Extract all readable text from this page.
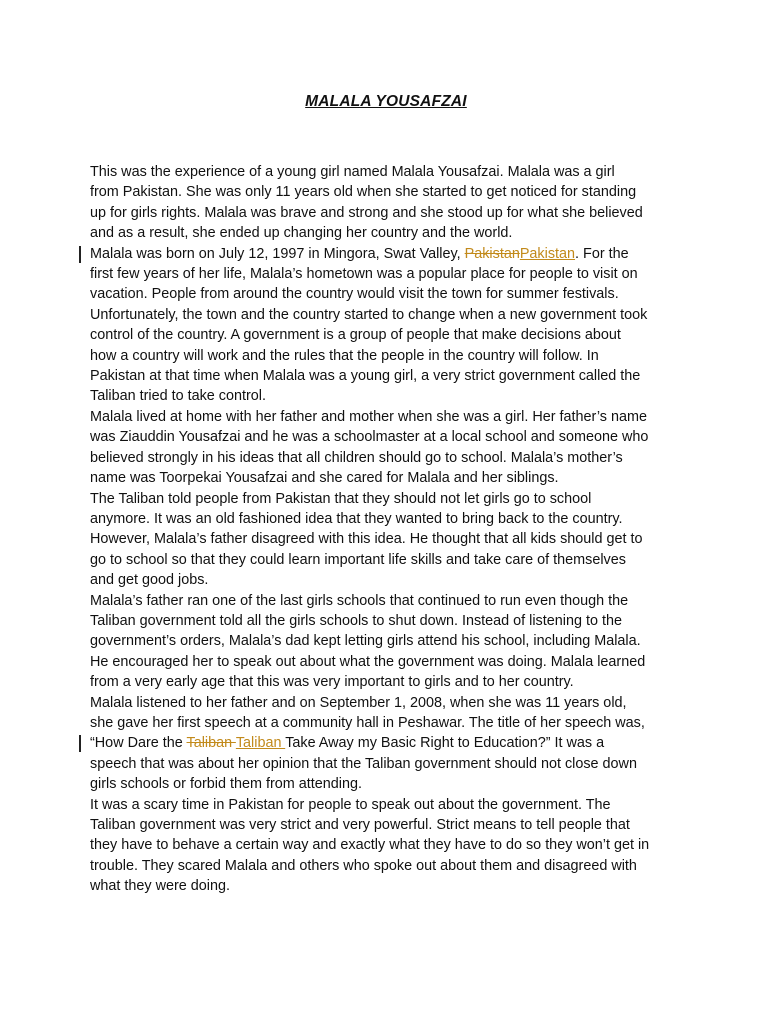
MALALA YOUSAFZAI
This was the experience of a young girl named Malala Yousafzai. Malala was a girl
from Pakistan. She was only 11 years old when she started to get noticed for standing
up for girls rights. Malala was brave and strong and she stood up for what she believed
and as a result, she ended up changing her country and the world.
Malala was born on July 12, 1997 in Mingora, Swat Valley, PakistanPakistan. For the
first few years of her life, Malala’s hometown was a popular place for people to visit on
vacation. People from around the country would visit the town for summer festivals.
Unfortunately, the town and the country started to change when a new government took
control of the country. A government is a group of people that make decisions about
how a country will work and the rules that the people in the country will follow. In
Pakistan at that time when Malala was a young girl, a very strict government called the
Taliban tried to take control.
Malala lived at home with her father and mother when she was a girl. Her father’s name
was Ziauddin Yousafzai and he was a schoolmaster at a local school and someone who
believed strongly in his ideas that all children should go to school. Malala’s mother’s
name was Toorpekai Yousafzai and she cared for Malala and her siblings.
The Taliban told people from Pakistan that they should not let girls go to school
anymore. It was an old fashioned idea that they wanted to bring back to the country.
However, Malala’s father disagreed with this idea. He thought that all kids should get to
go to school so that they could learn important life skills and take care of themselves
and get good jobs.
Malala’s father ran one of the last girls schools that continued to run even though the
Taliban government told all the girls schools to shut down. Instead of listening to the
government’s orders, Malala’s dad kept letting girls attend his school, including Malala.
He encouraged her to speak out about what the government was doing. Malala learned
from a very early age that this was very important to girls and to her country.
Malala listened to her father and on September 1, 2008, when she was 11 years old,
she gave her first speech at a community hall in Peshawar. The title of her speech was,
“How Dare the Taliban Taliban Take Away my Basic Right to Education?” It was a
speech that was about her opinion that the Taliban government should not close down
girls schools or forbid them from attending.
It was a scary time in Pakistan for people to speak out about the government. The
Taliban government was very strict and very powerful. Strict means to tell people that
they have to behave a certain way and exactly what they have to do so they won’t get in
trouble. They scared Malala and others who spoke out about them and disagreed with
what they were doing.
